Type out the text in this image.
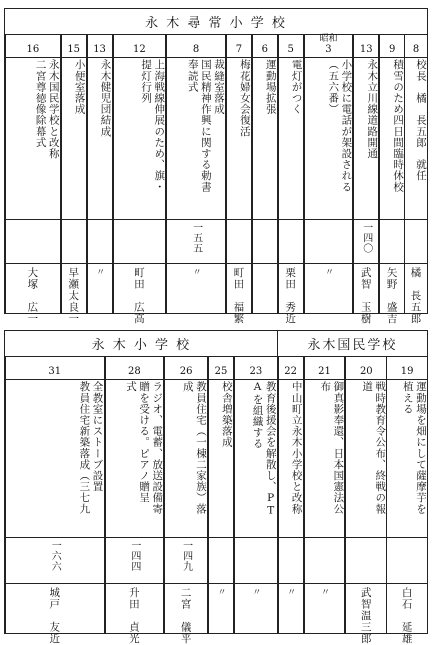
永 木 尋 常 小 学 校
8
校長　橘　長五郎　就任
橘　長五郎
9
積雪のため四日間臨時休校
矢野　盛吉
13
永木立川線道路開通
一四〇
武智　玉樹
昭和
3
小学校に電話が架設される
（五六番）
〃
5
電灯がつく
栗田　秀近
6
運動場拡張
7
梅花婦女会復活
町田　福繁
8
裁縫室落成
国民精神作興に関する勅書
奉読式
一五五
〃
12
上海戦線伸展のため、旗・
提灯行列
町田　広高
13
永木健児団結成
〃
15
小便室落成
早瀬太良一
16
永木国民学校と改称
二宮尊徳像除幕式
大塚　広一
永木国民学校
永 木 小 学 校
19
運動場を畑にして薩摩芋を
植える
白石　延雄
20
戦時教育令公布、終戦の報
道
武智温三郎
21
御真影奉還、日本国憲法公
布
〃
22
中山町立永木小学校と改称
〃
23
教育後援会を解散し、PT
Aを組織する
〃
25
校舎増築落成
〃
26
教員住宅（一棟二家族）落
成
一四九
二宮　儀平
28
ラジオ、電蓄、放送設備寄
贈を受ける。ピアノ贈呈
式
一四四
升田　貞光
31
全教室にストーブ設置
教員住宅新築落成（三七九
一六六
城戸　友近
